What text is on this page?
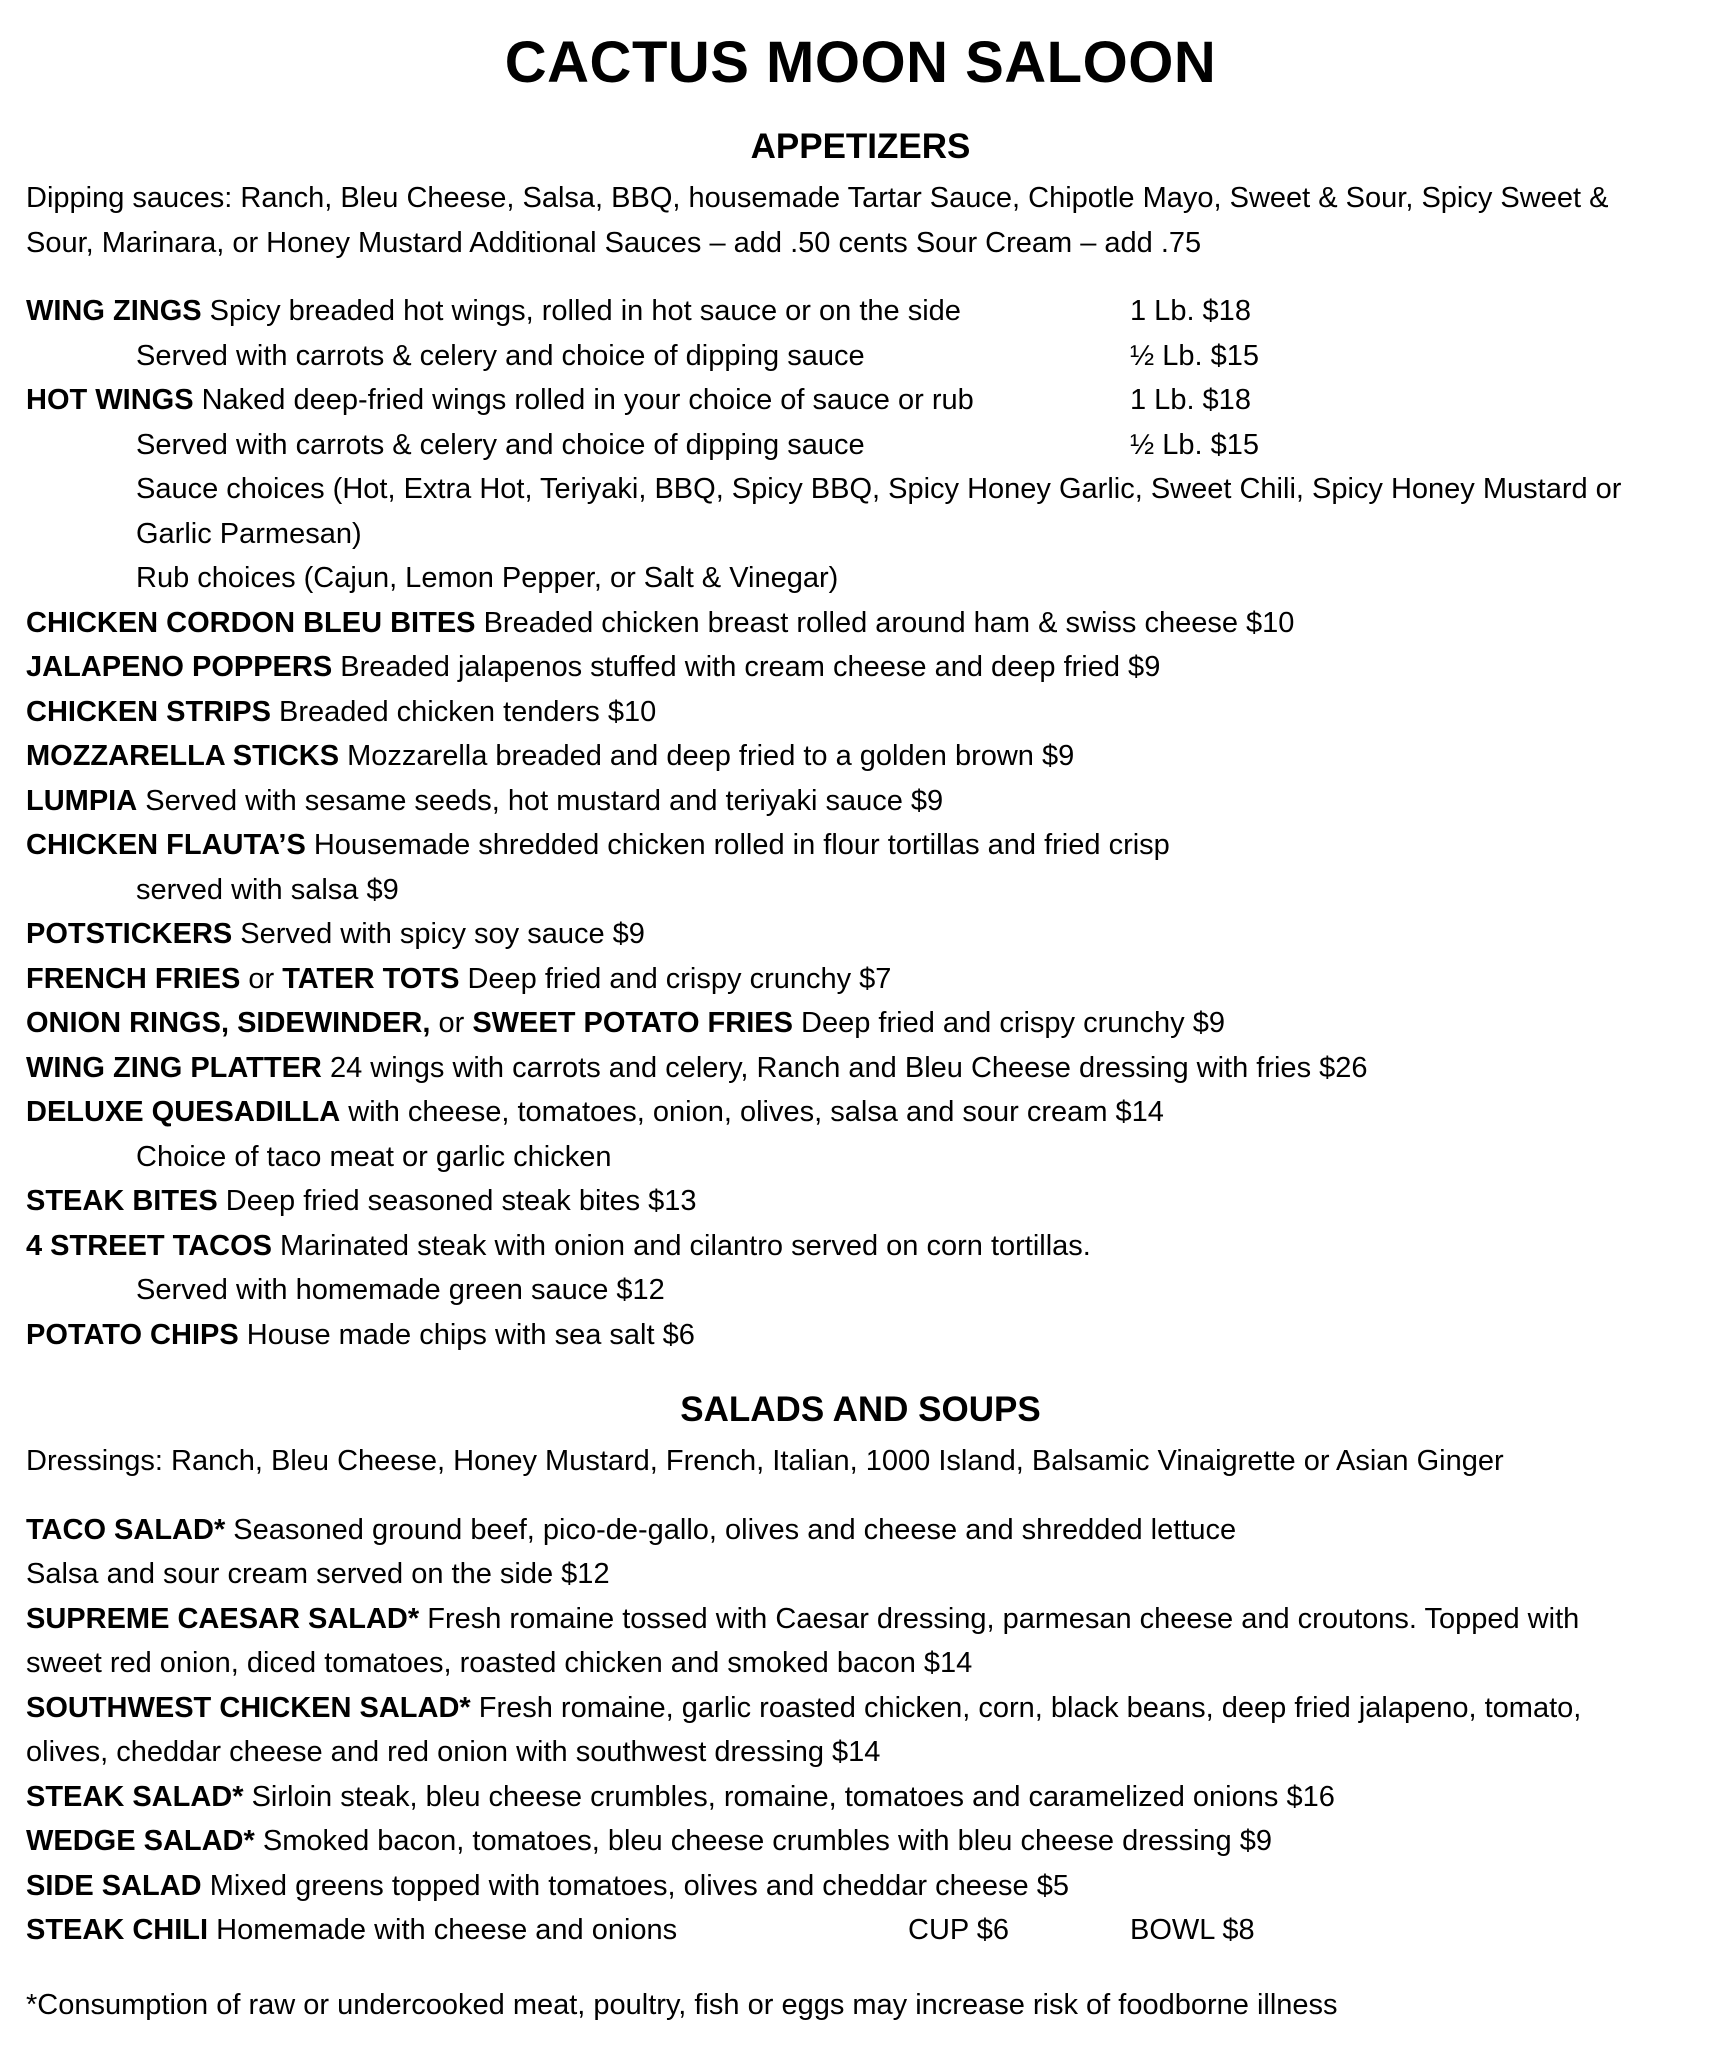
CACTUS MOON SALOON
APPETIZERS
Dipping sauces: Ranch, Bleu Cheese, Salsa, BBQ, housemade Tartar Sauce, Chipotle Mayo, Sweet & Sour, Spicy Sweet &
Sour, Marinara, or Honey Mustard Additional Sauces – add .50 cents Sour Cream – add .75
WING ZINGS Spicy breaded hot wings, rolled in hot sauce or on the side	1 Lb. $18
Served with carrots & celery and choice of dipping sauce	½ Lb. $15
HOT WINGS Naked deep-fried wings rolled in your choice of sauce or rub	1 Lb. $18
Served with carrots & celery and choice of dipping sauce	½ Lb. $15
Sauce choices (Hot, Extra Hot, Teriyaki, BBQ, Spicy BBQ, Spicy Honey Garlic, Sweet Chili, Spicy Honey Mustard or
Garlic Parmesan)
Rub choices (Cajun, Lemon Pepper, or Salt & Vinegar)
CHICKEN CORDON BLEU BITES Breaded chicken breast rolled around ham & swiss cheese $10
JALAPENO POPPERS Breaded jalapenos stuffed with cream cheese and deep fried $9
CHICKEN STRIPS Breaded chicken tenders $10
MOZZARELLA STICKS Mozzarella breaded and deep fried to a golden brown $9
LUMPIA Served with sesame seeds, hot mustard and teriyaki sauce $9
CHICKEN FLAUTA’S Housemade shredded chicken rolled in flour tortillas and fried crisp
served with salsa $9
POTSTICKERS Served with spicy soy sauce $9
FRENCH FRIES or TATER TOTS Deep fried and crispy crunchy $7
ONION RINGS, SIDEWINDER, or SWEET POTATO FRIES Deep fried and crispy crunchy $9
WING ZING PLATTER 24 wings with carrots and celery, Ranch and Bleu Cheese dressing with fries $26
DELUXE QUESADILLA with cheese, tomatoes, onion, olives, salsa and sour cream $14
Choice of taco meat or garlic chicken
STEAK BITES Deep fried seasoned steak bites $13
4 STREET TACOS Marinated steak with onion and cilantro served on corn tortillas.
Served with homemade green sauce $12
POTATO CHIPS House made chips with sea salt $6
SALADS AND SOUPS
Dressings: Ranch, Bleu Cheese, Honey Mustard, French, Italian, 1000 Island, Balsamic Vinaigrette or Asian Ginger
TACO SALAD* Seasoned ground beef, pico-de-gallo, olives and cheese and shredded lettuce
Salsa and sour cream served on the side $12
SUPREME CAESAR SALAD* Fresh romaine tossed with Caesar dressing, parmesan cheese and croutons. Topped with
sweet red onion, diced tomatoes, roasted chicken and smoked bacon $14
SOUTHWEST CHICKEN SALAD* Fresh romaine, garlic roasted chicken, corn, black beans, deep fried jalapeno, tomato,
olives, cheddar cheese and red onion with southwest dressing $14
STEAK SALAD* Sirloin steak, bleu cheese crumbles, romaine, tomatoes and caramelized onions $16
WEDGE SALAD* Smoked bacon, tomatoes, bleu cheese crumbles with bleu cheese dressing $9
SIDE SALAD Mixed greens topped with tomatoes, olives and cheddar cheese $5
STEAK CHILI Homemade with cheese and onions	CUP $6	BOWL $8
*Consumption of raw or undercooked meat, poultry, fish or eggs may increase risk of foodborne illness
